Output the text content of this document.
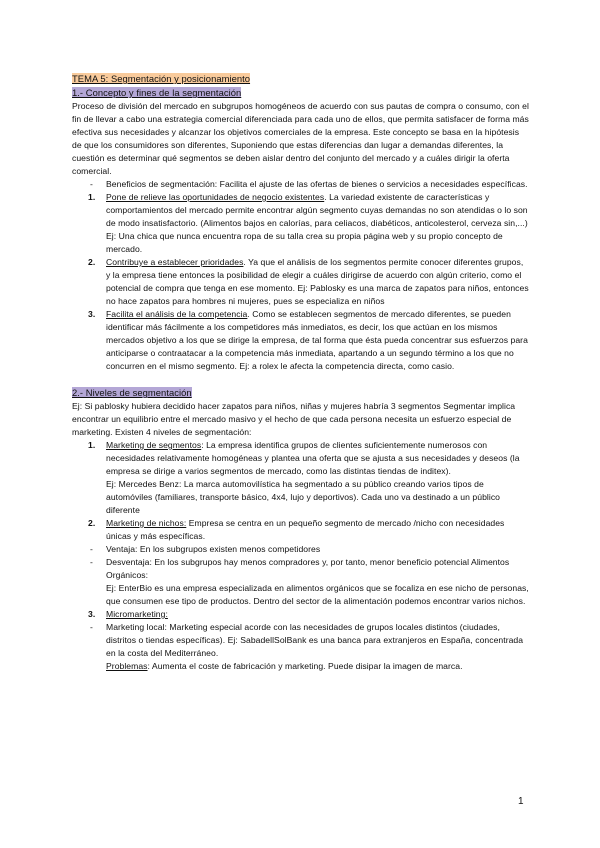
TEMA 5: Segmentación y posicionamiento

1.- Concepto y fines de la segmentación

Proceso de división del mercado en subgrupos homogéneos de acuerdo con sus pautas de compra o consumo, con el fin de llevar a cabo una estrategia comercial diferenciada para cada uno de ellos, que permita satisfacer de forma más efectiva sus necesidades y alcanzar los objetivos comerciales de la empresa. Este concepto se basa en la hipótesis de que los consumidores son diferentes, Suponiendo que estas diferencias dan lugar a demandas diferentes, la cuestión es determinar qué segmentos se deben aislar dentro del conjunto del mercado y a cuáles dirigir la oferta comercial.

-	Beneficios de segmentación: Facilita el ajuste de las ofertas de bienes o servicios a necesidades específicas.
1. Pone de relieve las oportunidades de negocio existentes. La variedad existente de características y comportamientos del mercado permite encontrar algún segmento cuyas demandas no son atendidas o lo son de modo insatisfactorio. (Alimentos bajos en calorías, para celiacos, diabéticos, anticolesterol, cerveza sin,...) Ej: Una chica que nunca encuentra ropa de su talla crea su propia página web y su propio concepto de mercado.
2. Contribuye a establecer prioridades. Ya que el análisis de los segmentos permite conocer diferentes grupos, y la empresa tiene entonces la posibilidad de elegir a cuáles dirigirse de acuerdo con algún criterio, como el potencial de compra que tenga en ese momento. Ej: Pablosky es una marca de zapatos para niños, entonces no hace zapatos para hombres ni mujeres, pues se especializa en niños
3. Facilita el análisis de la competencia. Como se establecen segmentos de mercado diferentes, se pueden identificar más fácilmente a los competidores más inmediatos, es decir, los que actúan en los mismos mercados objetivo a los que se dirige la empresa, de tal forma que ésta pueda concentrar sus esfuerzos para anticiparse o contraatacar a la competencia más inmediata, apartando a un segundo término a los que no concurren en el mismo segmento. Ej: a rolex le afecta la competencia directa, como casio.

2.- Niveles de segmentación

Ej: Si pablosky hubiera decidido hacer zapatos para niños, niñas y mujeres habría 3 segmentos Segmentar implica encontrar un equilibrio entre el mercado masivo y el hecho de que cada persona necesita un esfuerzo especial de marketing. Existen 4 niveles de segmentación:

1. Marketing de segmentos: La empresa identifica grupos de clientes suficientemente numerosos con necesidades relativamente homogéneas y plantea una oferta que se ajusta a sus necesidades y deseos (la empresa se dirige a varios segmentos de mercado, como las distintas tiendas de inditex).
Ej: Mercedes Benz: La marca automovilística ha segmentado a su público creando varios tipos de automóviles (familiares, transporte básico, 4x4, lujo y deportivos). Cada uno va destinado a un público diferente
2. Marketing de nichos: Empresa se centra en un pequeño segmento de mercado /nicho con necesidades únicas y más específicas.
-	Ventaja: En los subgrupos existen menos competidores
-	Desventaja: En los subgrupos hay menos compradores y, por tanto, menor beneficio potencial Alimentos Orgánicos:
Ej: EnterBio es una empresa especializada en alimentos orgánicos que se focaliza en ese nicho de personas, que consumen ese tipo de productos. Dentro del sector de la alimentación podemos encontrar varios nichos.
3. Micromarketing:
-	Marketing local: Marketing especial acorde con las necesidades de grupos locales distintos (ciudades, distritos o tiendas específicas). Ej: SabadellSolBank es una banca para extranjeros en España, concentrada en la costa del Mediterráneo.
Problemas: Aumenta el coste de fabricación y marketing. Puede disipar la imagen de marca.
1
